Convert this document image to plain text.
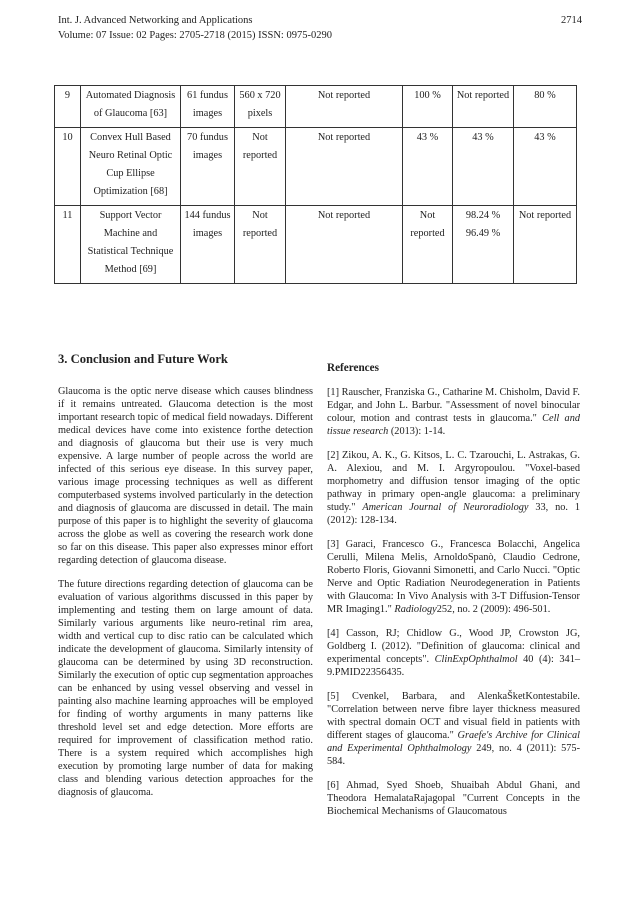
Int. J. Advanced Networking and Applications
Volume: 07 Issue: 02 Pages: 2705-2718 (2015) ISSN: 0975-0290
2714
9	Automated Diagnosis of Glaucoma [63]	61 fundus images	560 x 720 pixels	Not reported	100 %	Not reported	80 %
10	Convex Hull Based Neuro Retinal Optic Cup Ellipse Optimization [68]	70 fundus images	Not reported	Not reported	43 %	43 %	43 %
11	Support Vector Machine and Statistical Technique Method [69]	144 fundus images	Not reported	Not reported	Not reported	98.24 % 96.49 %	Not reported
3. Conclusion and Future Work

Glaucoma is the optic nerve disease which causes blindness if it remains untreated. Glaucoma detection is the most important research topic of medical field nowadays. Different medical devices have come into existence forthe detection and diagnosis of glaucoma but their use is very much expensive. A large number of people across the world are infected of this serious eye disease. In this survey paper, various image processing techniques as well as different computerbased systems involved particularly in the detection and diagnosis of glaucoma are discussed in detail. The main purpose of this paper is to highlight the severity of glaucoma across the globe as well as covering the research work done so far on this disease. This paper also expresses minor effort regarding detection of glaucoma disease.

The future directions regarding detection of glaucoma can be evaluation of various algorithms discussed in this paper by implementing and testing them on large amount of data. Similarly various arguments like neuro-retinal rim area, width and vertical cup to disc ratio can be calculated which indicate the development of glaucoma. Similarly intensity of glaucoma can be determined by using 3D reconstruction. Similarly the execution of optic cup segmentation approaches can be enhanced by using vessel observing and vessel in painting also machine learning approaches will be employed for finding of worthy arguments in many patterns like threshold level set and edge detection. More efforts are required for improvement of classification method ratio. There is a system required which accomplishes high execution by promoting large number of data for making class and blending various detection approaches for the diagnosis of glaucoma.

References
[1] Rauscher, Franziska G., Catharine M. Chisholm, David F. Edgar, and John L. Barbur. "Assessment of novel binocular colour, motion and contrast tests in glaucoma." Cell and tissue research (2013): 1-14.
[2] Zikou, A. K., G. Kitsos, L. C. Tzarouchi, L. Astrakas, G. A. Alexiou, and M. I. Argyropoulou. "Voxel-based morphometry and diffusion tensor imaging of the optic pathway in primary open-angle glaucoma: a preliminary study." American Journal of Neuroradiology 33, no. 1 (2012): 128-134.
[3] Garaci, Francesco G., Francesca Bolacchi, Angelica Cerulli, Milena Melis, ArnoldoSpanò, Claudio Cedrone, Roberto Floris, Giovanni Simonetti, and Carlo Nucci. "Optic Nerve and Optic Radiation Neurodegeneration in Patients with Glaucoma: In Vivo Analysis with 3-T Diffusion-Tensor MR Imaging1." Radiology252, no. 2 (2009): 496-501.
[4] Casson, RJ; Chidlow G., Wood JP, Crowston JG, Goldberg I. (2012). "Definition of glaucoma: clinical and experimental concepts". ClinExpOphthalmol 40 (4): 341–9.PMID22356435.
[5] Cvenkel, Barbara, and AlenkaŠketKontestabile. "Correlation between nerve fibre layer thickness measured with spectral domain OCT and visual field in patients with different stages of glaucoma." Graefe's Archive for Clinical and Experimental Ophthalmology 249, no. 4 (2011): 575-584.
[6] Ahmad, Syed Shoeb, Shuaibah Abdul Ghani, and Theodora HemalataRajagopal "Current Concepts in the Biochemical Mechanisms of Glaucomatous
